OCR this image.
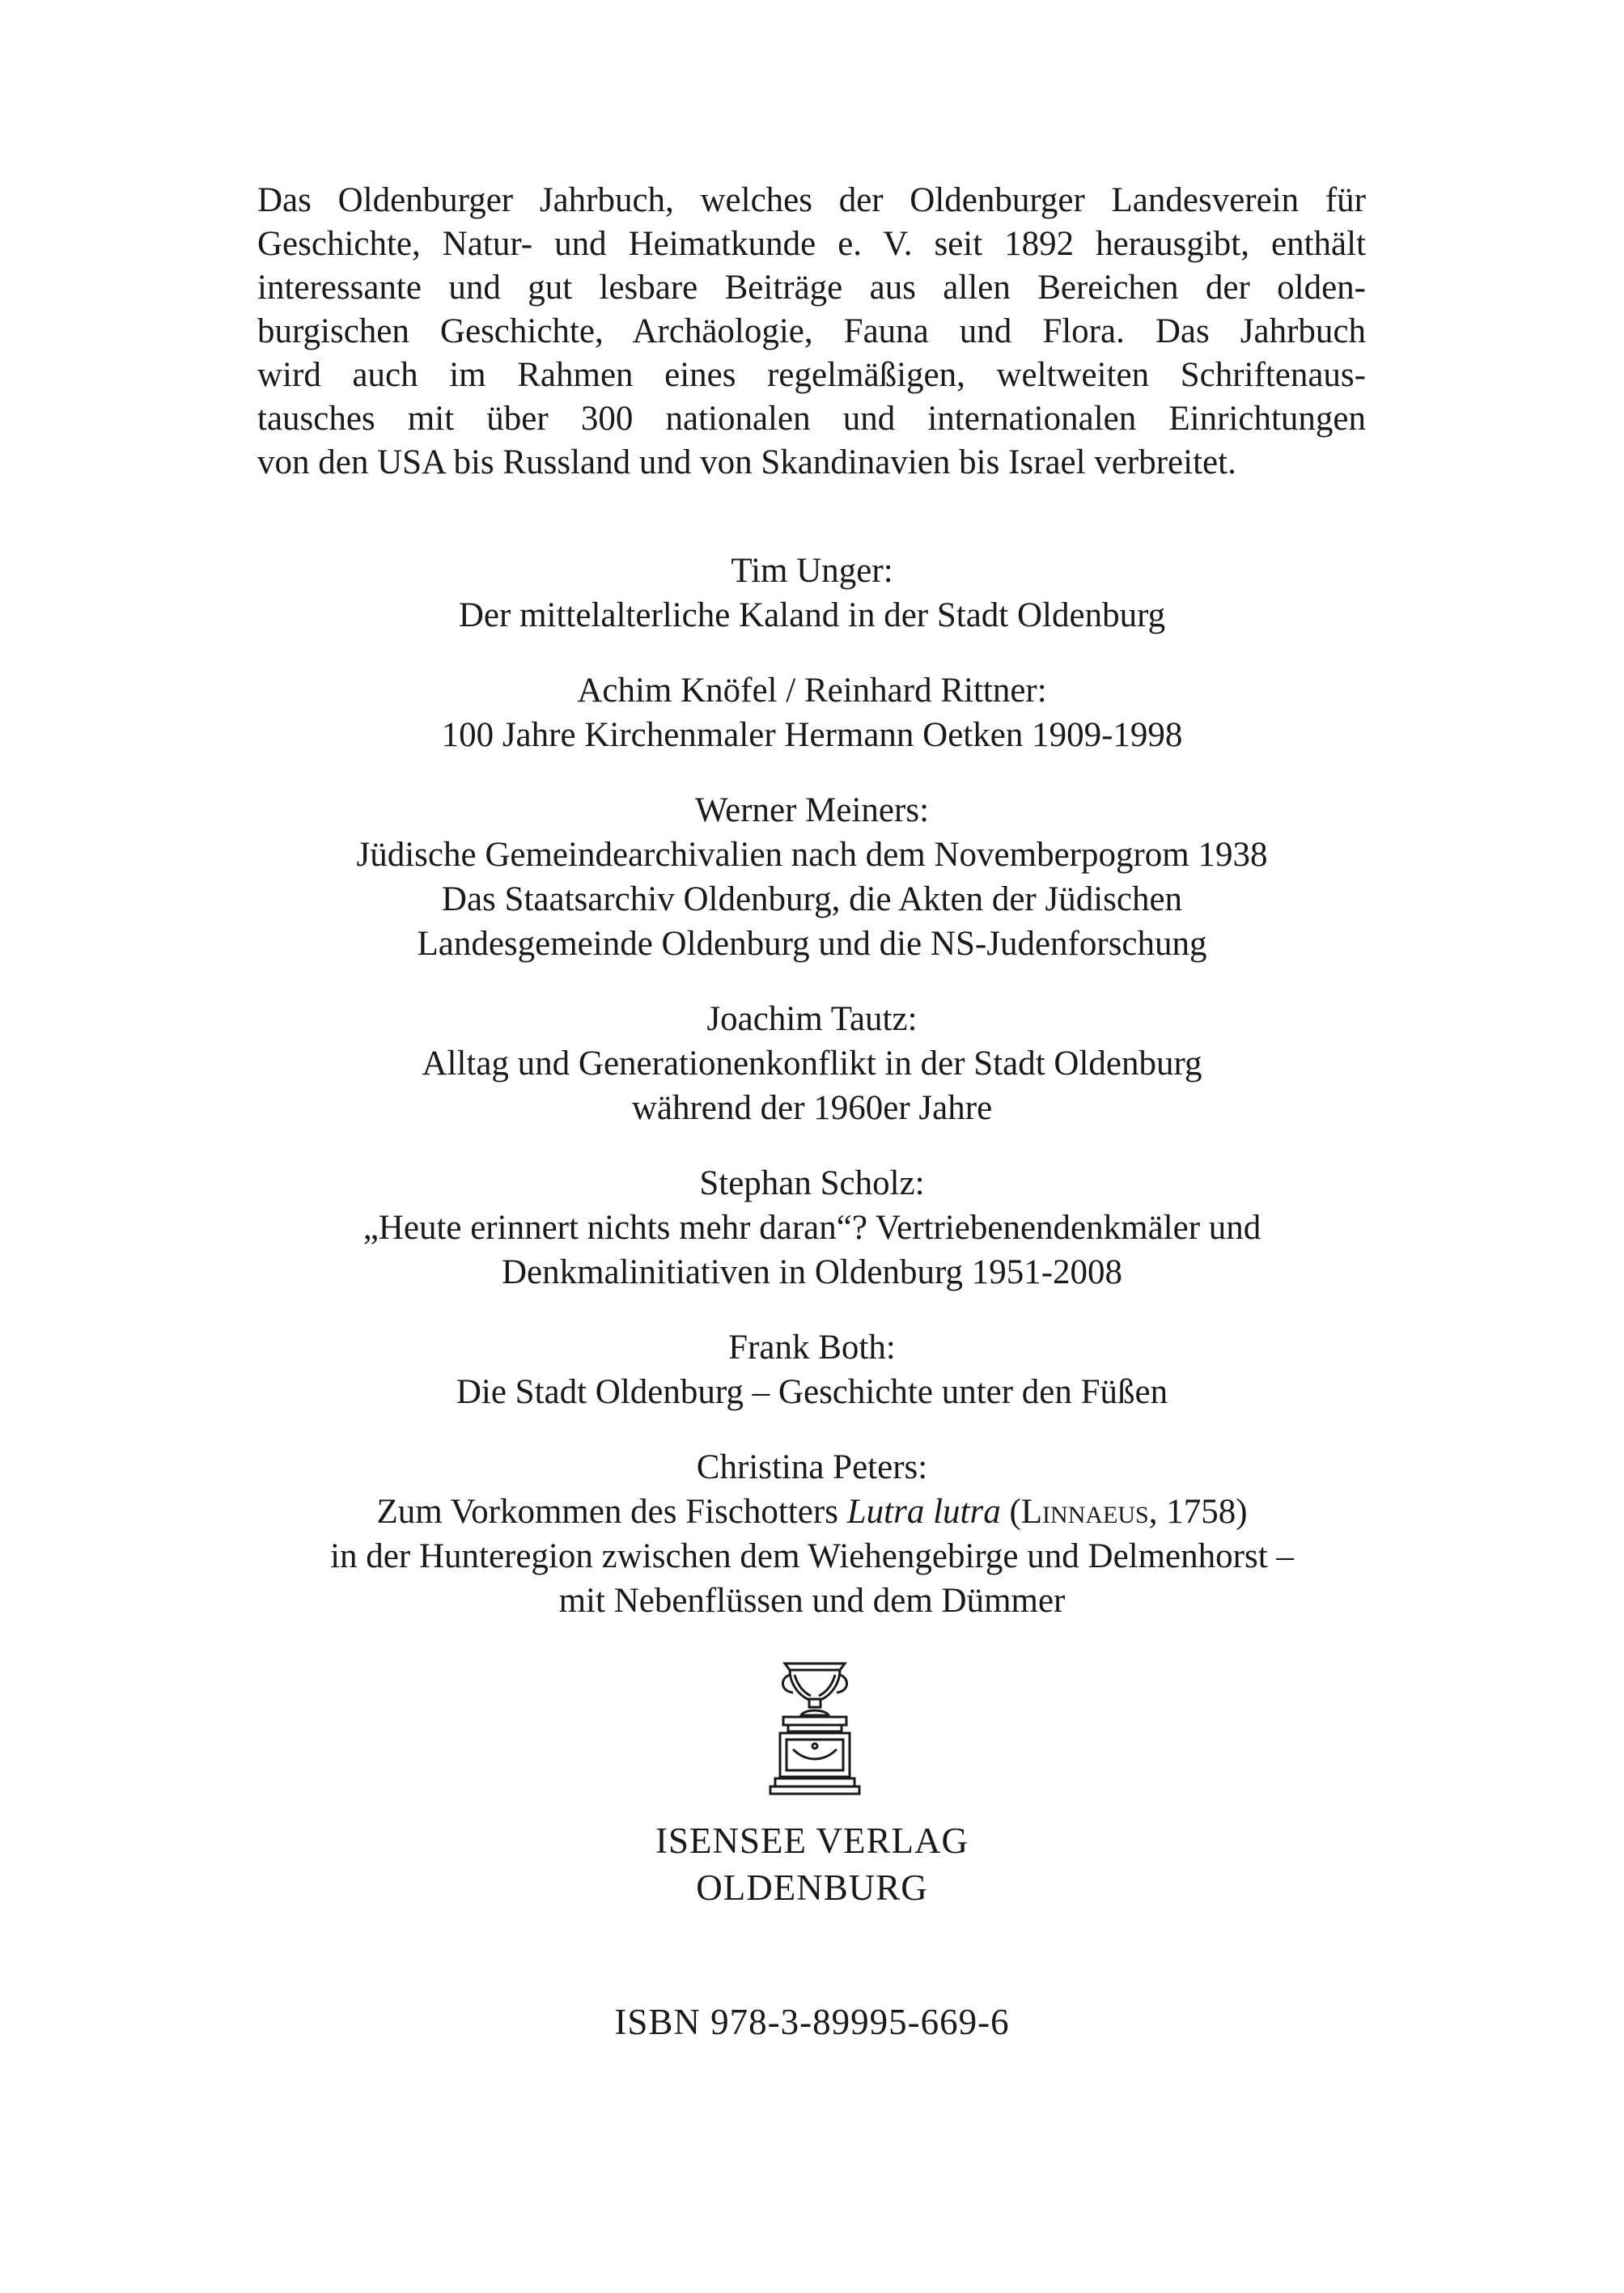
Das Oldenburger Jahrbuch, welches der Oldenburger Landesverein für
Geschichte, Natur- und Heimatkunde e. V. seit 1892 herausgibt, enthält
interessante und gut lesbare Beiträge aus allen Bereichen der olden-
burgischen Geschichte, Archäologie, Fauna und Flora. Das Jahrbuch
wird auch im Rahmen eines regelmäßigen, weltweiten Schriftenaus-
tausches mit über 300 nationalen und internationalen Einrichtungen
von den USA bis Russland und von Skandinavien bis Israel verbreitet.
Tim Unger:
Der mittelalterliche Kaland in der Stadt Oldenburg
Achim Knöfel / Reinhard Rittner:
100 Jahre Kirchenmaler Hermann Oetken 1909-1998
Werner Meiners:
Jüdische Gemeindearchivalien nach dem Novemberpogrom 1938
Das Staatsarchiv Oldenburg, die Akten der Jüdischen
Landesgemeinde Oldenburg und die NS-Judenforschung
Joachim Tautz:
Alltag und Generationenkonflikt in der Stadt Oldenburg
während der 1960er Jahre
Stephan Scholz:
„Heute erinnert nichts mehr daran“? Vertriebenendenkmäler und
Denkmalinitiativen in Oldenburg 1951-2008
Frank Both:
Die Stadt Oldenburg – Geschichte unter den Füßen
Christina Peters:
Zum Vorkommen des Fischotters Lutra lutra (Linnaeus, 1758)
in der Hunteregion zwischen dem Wiehengebirge und Delmenhorst –
mit Nebenflüssen und dem Dümmer
ISENSEE VERLAG
OLDENBURG
ISBN 978-3-89995-669-6
